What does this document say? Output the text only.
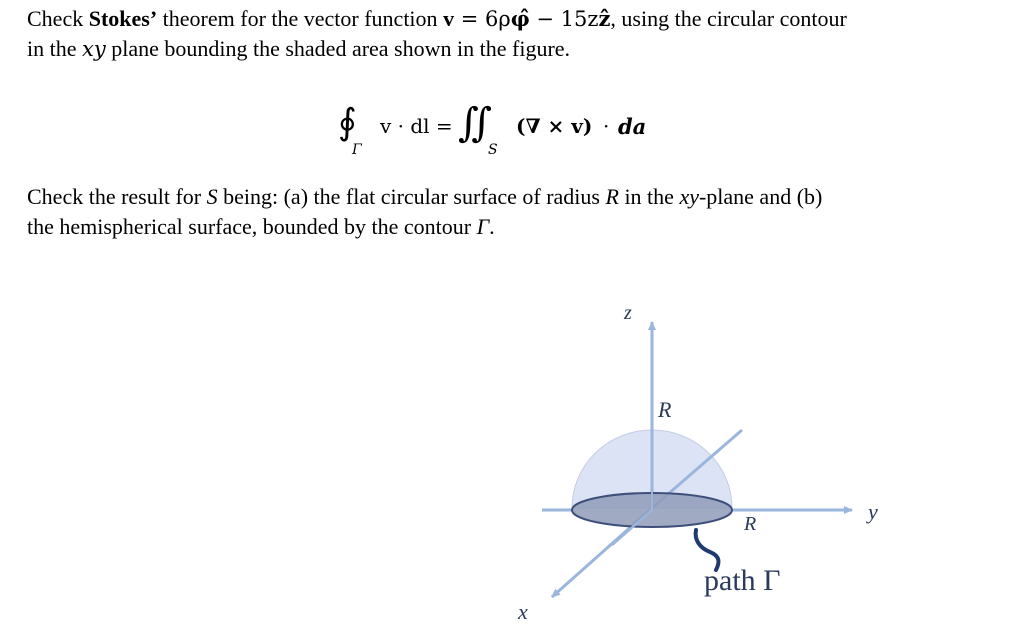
Check Stokes’ theorem for the vector function v = 6ρφ̂ − 15zẑ, using the circular contour
in the xy plane bounding the shaded area shown in the figure.
∮
Γ
v · dl = ∬
S
(∇ × v) · da
Check the result for S being: (a) the flat circular surface of radius R in the xy-plane and (b)
the hemispherical surface, bounded by the contour Γ.
z
y
x
R
R
path Γ
